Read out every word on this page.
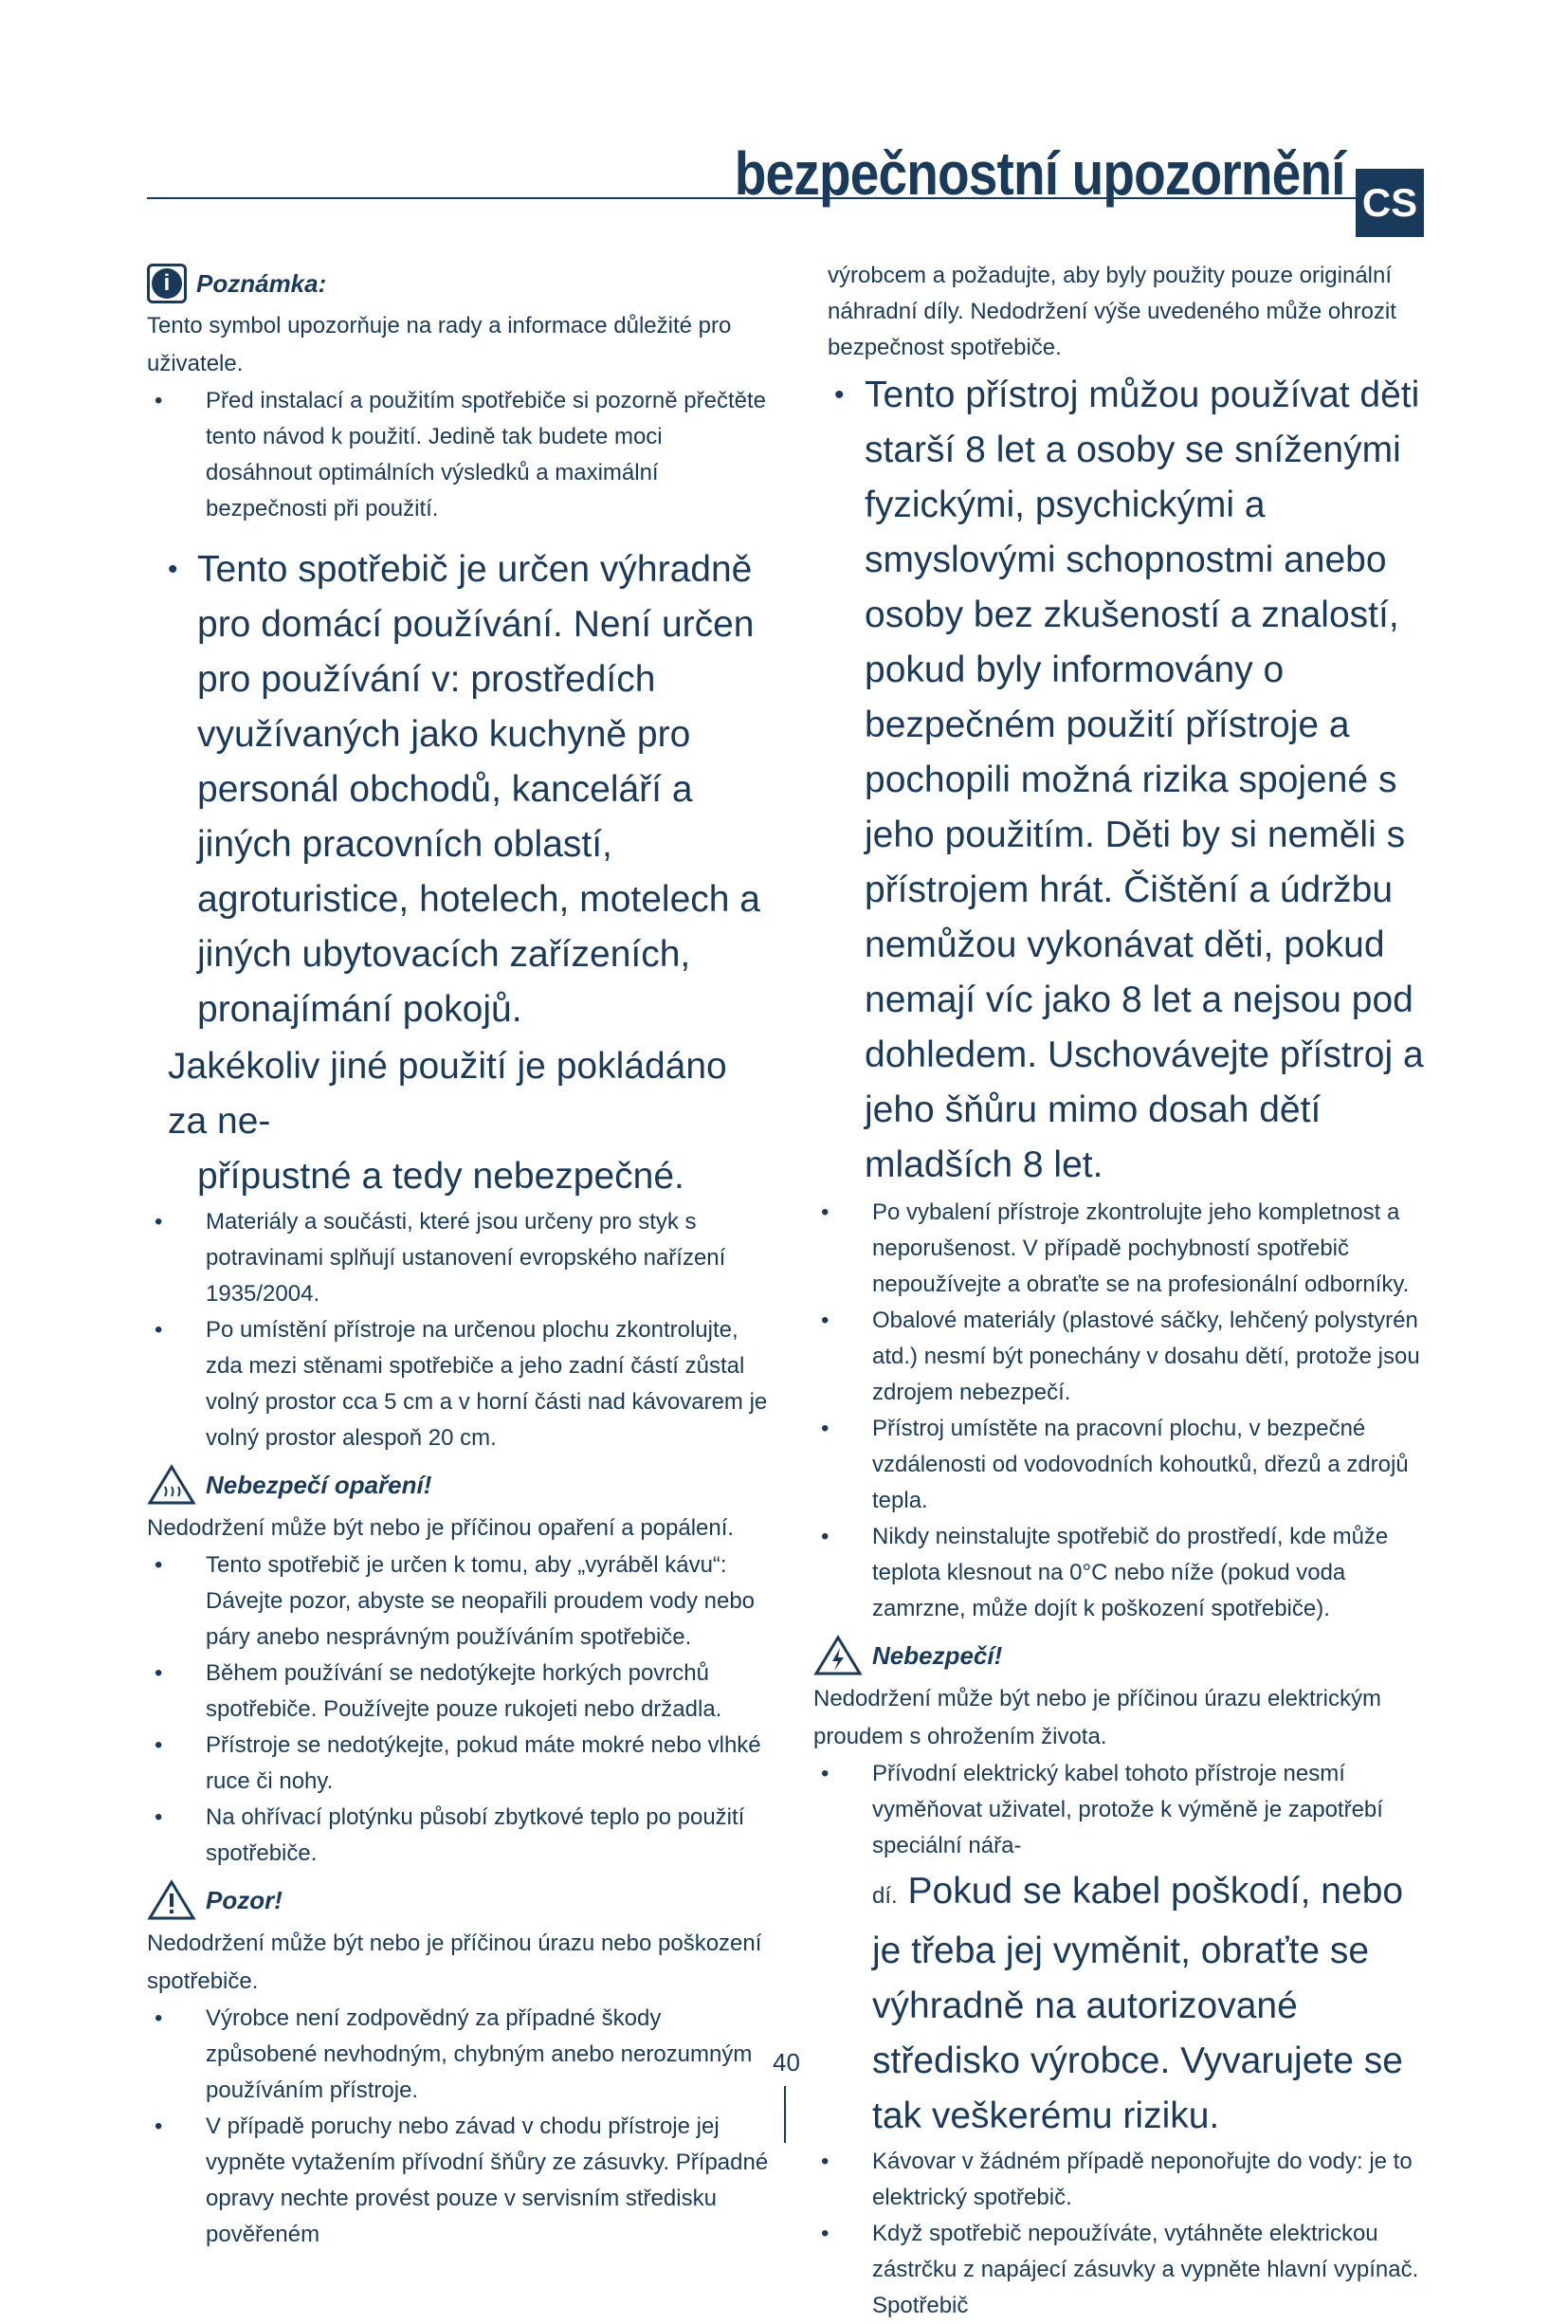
bezpečnostní upozornění CS
i	Poznámka:

Tento symbol upozorňuje na rady a informace důležité pro uživatele.

• Před instalací a použitím spotřebiče si pozorně přečtěte tento návod k použití. Jedině tak budete moci dosáhnout optimálních výsledků a maximální bezpečnosti při použití.

• Tento spotřebič je určen výhradně pro domácí používání. Není určen pro používání v: prostředích využívaných jako kuchyně pro personál obchodů, kanceláří a jiných pracovních oblastí, agroturistice, hotelech, motelech a jiných ubytovacích zařízeních, pronajímání pokojů.

Jakékoliv jiné použití je pokládáno za ne-

přípustné a tedy nebezpečné.

• Materiály a součásti, které jsou určeny pro styk s potravinami splňují ustanovení evropského nařízení 1935/2004.

• Po umístění přístroje na určenou plochu zkontrolujte, zda mezi stěnami spotřebiče a jeho zadní částí zůstal volný prostor cca 5 cm a v horní části nad kávovarem je volný prostor alespoň 20 cm.

Nebezpečí opaření!

Nedodržení může být nebo je příčinou opaření a popálení.

• Tento spotřebič je určen k tomu, aby „vyráběl kávu“: Dávejte pozor, abyste se neopařili proudem vody nebo páry anebo nesprávným používáním spotřebiče.

• Během používání se nedotýkejte horkých povrchů spotřebiče. Používejte pouze rukojeti nebo držadla.

• Přístroje se nedotýkejte, pokud máte mokré nebo vlhké ruce či nohy.

• Na ohřívací plotýnku působí zbytkové teplo po použití spotřebiče.

Pozor!

Nedodržení může být nebo je příčinou úrazu nebo poškození spotřebiče.

• Výrobce není zodpovědný za případné škody způsobené nevhodným, chybným anebo nerozumným používáním přístroje.

• V případě poruchy nebo závad v chodu přístroje jej vypněte vytažením přívodní šňůry ze zásuvky. Případné opravy nechte provést pouze v servisním středisku pověřeném

výrobcem a požadujte, aby byly použity pouze originální náhradní díly. Nedodržení výše uvedeného může ohrozit bezpečnost spotřebiče.

• Tento přístroj můžou používat děti starší 8 let a osoby se sníženými fyzickými, psychickými a smyslovými schopnostmi anebo osoby bez zkušeností a znalostí, pokud byly informovány o bezpečném použití přístroje a pochopili možná rizika spojené s jeho použitím. Děti by si neměli s přístrojem hrát. Čištění a údržbu nemůžou vykonávat děti, pokud nemají víc jako 8 let a nejsou pod dohledem. Uschovávejte přístroj a jeho šňůru mimo dosah dětí mladších 8 let.

• Po vybalení přístroje zkontrolujte jeho kompletnost a neporušenost. V případě pochybností spotřebič nepoužívejte a obraťte se na profesionální odborníky.

• Obalové materiály (plastové sáčky, lehčený polystyrén atd.) nesmí být ponechány v dosahu dětí, protože jsou zdrojem nebezpečí.

• Přístroj umístěte na pracovní plochu, v bezpečné vzdálenosti od vodovodních kohoutků, dřezů a zdrojů tepla.

• Nikdy neinstalujte spotřebič do prostředí, kde může teplota klesnout na 0°C nebo níže (pokud voda zamrzne, může dojít k poškození spotřebiče).

Nebezpečí!

Nedodržení může být nebo je příčinou úrazu elektrickým proudem s ohrožením života.

• Přívodní elektrický kabel tohoto přístroje nesmí vyměňovat uživatel, protože k výměně je zapotřebí speciální nářa-

dí. Pokud se kabel poškodí, nebo je třeba jej vyměnit, obraťte se výhradně na autorizované středisko výrobce. Vyvarujete se tak veškerému riziku.

• Kávovar v žádném případě neponořujte do vody: je to elektrický spotřebič.

• Když spotřebič nepoužíváte, vytáhněte elektrickou zástrčku z napájecí zásuvky a vypněte hlavní vypínač. Spotřebič

40
